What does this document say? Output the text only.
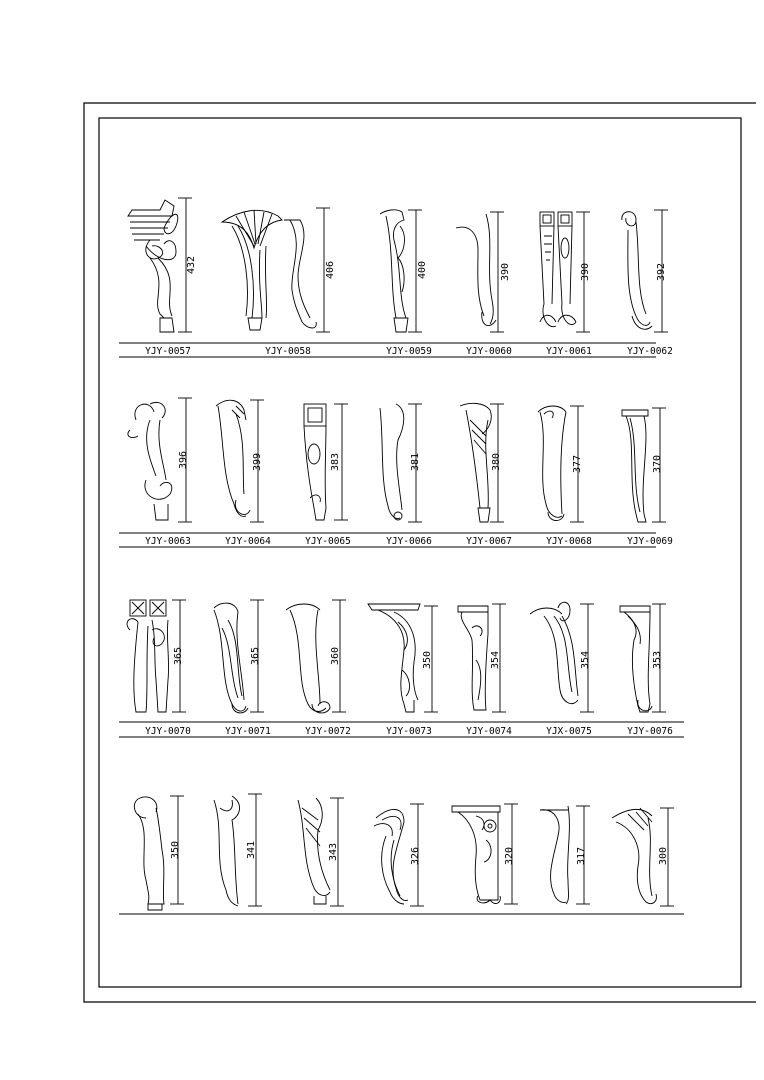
432
YJY-0057
406
YJY-0058
400
YJY-0059
390
YJY-0060
390
YJY-0061
392
YJY-0062
396
YJY-0063
399
YJY-0064
383
YJY-0065
381
YJY-0066
380
YJY-0067
377
YJY-0068
370
YJY-0069
365
YJY-0070
365
YJY-0071
360
YJY-0072
350
YJY-0073
354
YJY-0074
354
YJX-0075
353
YJY-0076
350	341	343	326	320	317	300
